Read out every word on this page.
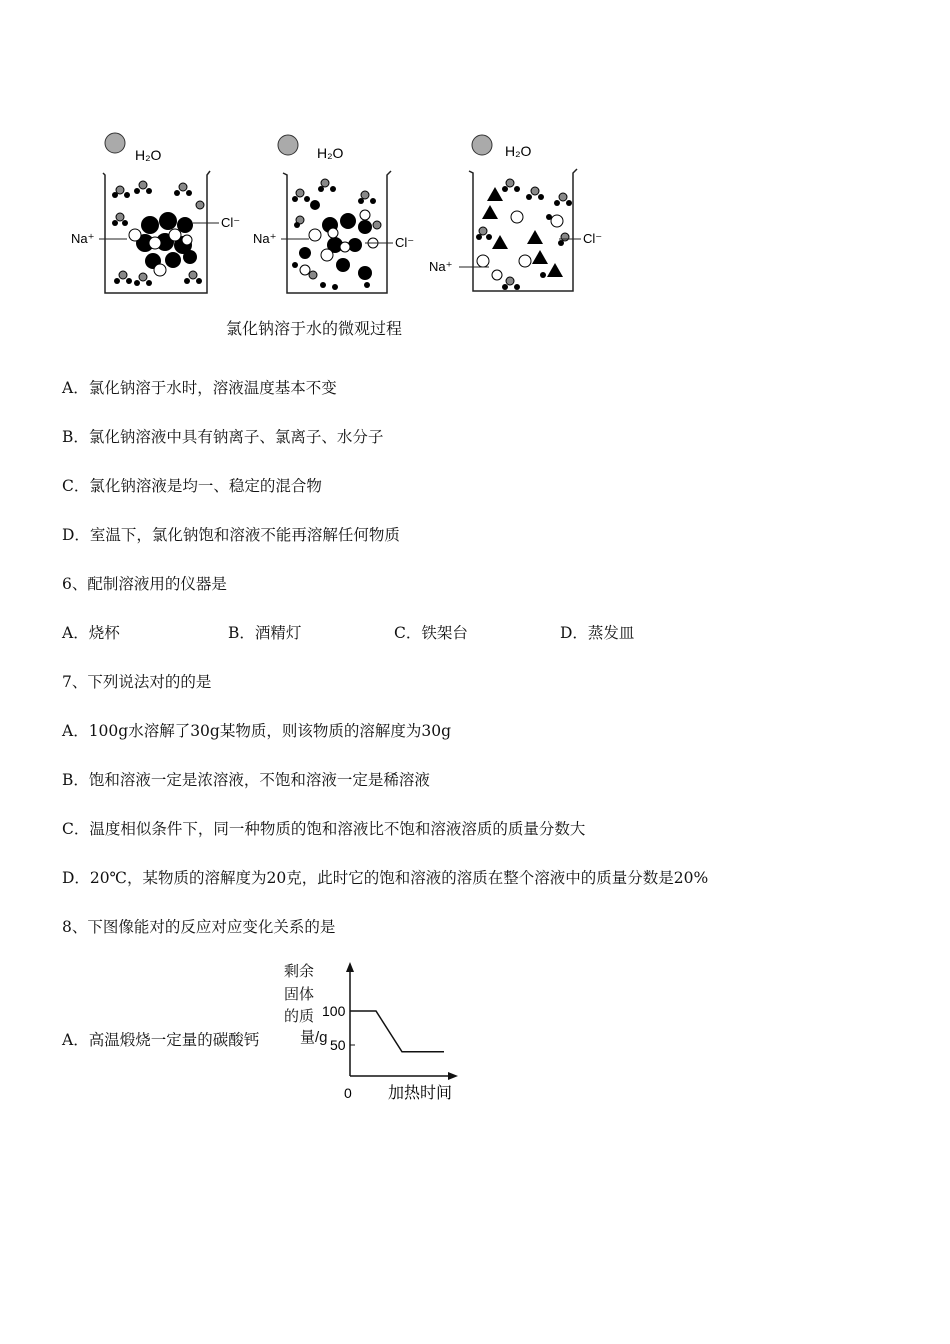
H₂O
Na⁺
Cl⁻
H₂O
Na⁺	Cl⁻
H₂O
Na⁺
Cl⁻
氯化钠溶于水的微观过程
A．氯化钠溶于水时，溶液温度基本不变
B．氯化钠溶液中具有钠离子、氯离子、水分子
C．氯化钠溶液是均一、稳定的混合物
D．室温下，氯化钠饱和溶液不能再溶解任何物质
6、配制溶液用的仪器是
A．烧杯	B．酒精灯	C．铁架台	D．蒸发皿
7、下列说法对的的是
A．100g水溶解了30g某物质，则该物质的溶解度为30g
B．饱和溶液一定是浓溶液，不饱和溶液一定是稀溶液
C．温度相似条件下，同一种物质的饱和溶液比不饱和溶液溶质的质量分数大
D．20℃，某物质的溶解度为20克，此时它的饱和溶液的溶质在整个溶液中的质量分数是20%
8、下图像能对的反应对应变化关系的是
A．高温煅烧一定量的碳酸钙
剩余
固体
的质
量/g
100
50
0 加热时间
